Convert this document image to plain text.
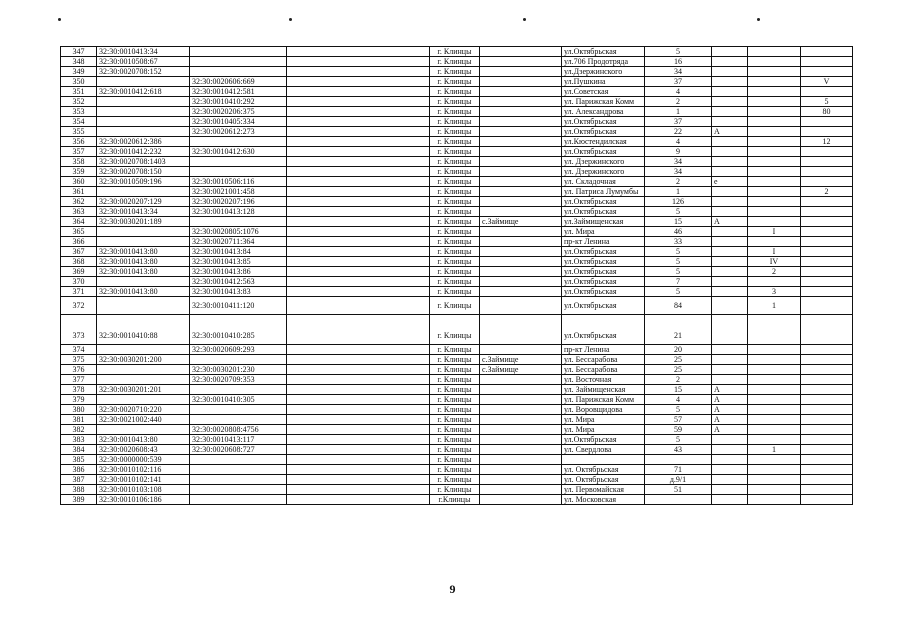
347	32:30:0010413:34			г. Клинцы		ул.Октябрьская	5			
348	32:30:0010508:67			г. Клинцы		ул.706 Продотряда	16			
349	32:30:0020708:152			г. Клинцы		ул.Дзержинского	34			
350		32:30:0020606:669		г. Клинцы		ул.Пушкина	37			V
351	32:30:0010412:618	32:30:0010412:581		г. Клинцы		ул.Советская	4			
352		32:30:0010410:292		г. Клинцы		ул. Парижская Комм	2			5
353		32:30:0020206:375		г. Клинцы		ул. Александрова	1			80
354		32:30:0010405:334		г. Клинцы		ул.Октябрьская	37			
355		32:30:0020612:273		г. Клинцы		ул.Октябрьская	22	А		
356	32:30:0020612:386			г. Клинцы		ул.Кюстендилская	4			12
357	32:30:0010412:232	32:30:0010412:630		г. Клинцы		ул.Октябрьская	9			
358	32:30:0020708:1403			г. Клинцы		ул. Дзержинского	34			
359	32:30:0020708:150			г. Клинцы		ул. Дзержинского	34			
360	32:30:0010509:196	32:30:0010506:116		г. Клинцы		ул. Складочная	2	е		
361		32:30:0021001:458		г. Клинцы		ул. Патриса Лумумбы	1			2
362	32:30:0020207:129	32:30:0020207:196		г. Клинцы		ул.Октябрьская	126			
363	32:30:0010413:34	32:30:0010413:128		г. Клинцы		ул.Октябрьская	5			
364	32:30:0030201:189			г. Клинцы	с.Займище	ул.Займищенская	15	А		
365		32:30:0020805:1076		г. Клинцы		ул. Мира	46		I	
366		32:30:0020711:364		г. Клинцы		пр-кт Ленина	33			
367	32:30:0010413:80	32:30:0010413:84		г. Клинцы		ул.Октябрьская	5		I	
368	32:30:0010413:80	32:30:0010413:85		г. Клинцы		ул.Октябрьская	5		IV	
369	32:30:0010413:80	32:30:0010413:86		г. Клинцы		ул.Октябрьская	5		2	
370		32:30:0010412:563		г. Клинцы		ул.Октябрьская	7			
371	32:30:0010413:80	32:30:0010413:83		г. Клинцы		ул.Октябрьская	5		3	
372		32:30:0010411:120		г. Клинцы		ул.Октябрьская	84		1	
373	32:30:0010410:88	32:30:0010410:285		г. Клинцы		ул.Октябрьская	21			
374		32:30:0020609:293		г. Клинцы		пр-кт Ленина	20			
375	32:30:0030201:200			г. Клинцы	с.Займище	ул. Бессарабова	25			
376		32:30:0030201:230		г. Клинцы	с.Займище	ул. Бессарабова	25			
377		32:30:0020709:353		г. Клинцы		ул. Восточная	2			
378	32:30:0030201:201			г. Клинцы		ул. Займищенская	15	А		
379		32:30:0010410:305		г. Клинцы		ул. Парижская Комм	4	А		
380	32:30:0020710:220			г. Клинцы		ул. Воровщидова	5	А		
381	32:30:0021002:440			г. Клинцы		ул. Мира	57	А		
382		32:30:0020808:4756		г. Клинцы		ул. Мира	59	А		
383	32:30:0010413:80	32:30:0010413:117		г. Клинцы		ул.Октябрьская	5			
384	32:30:0020608:43	32:30:0020608:727		г. Клинцы		ул. Свердлова	43		1	
385	32:30:0000000:539			г. Клинцы						
386	32:30:0010102:116			г. Клинцы		ул. Октябрьская	71			
387	32:30:0010102:141			г. Клинцы		ул. Октябрьская	д.9/1			
388	32:30:0010103:108			г. Клинцы		ул. Первомайская	51			
389	32:30:0010106:186			г.Клинцы		ул. Московская				
9
